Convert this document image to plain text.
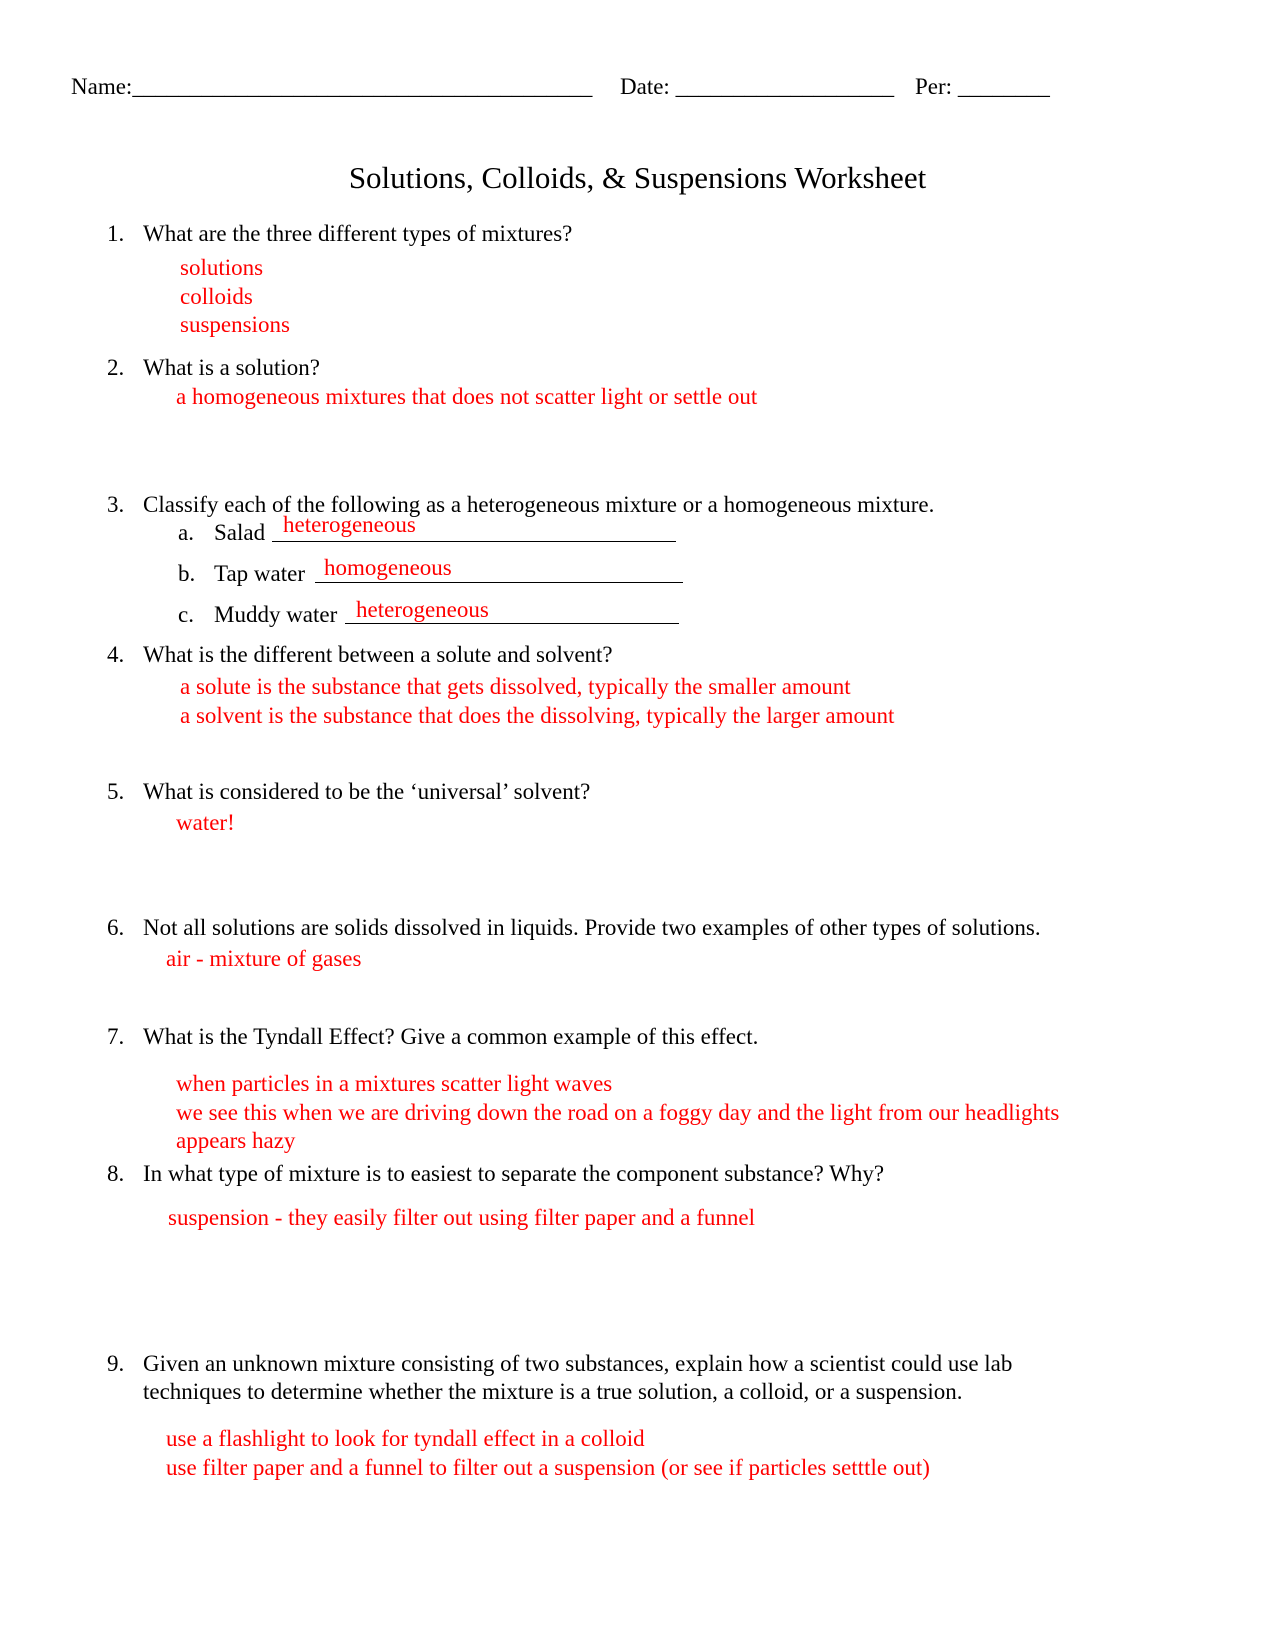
Name:________________________________________ Date: ___________________ Per: ________
Solutions, Colloids, & Suspensions Worksheet
1. What are the three different types of mixtures?
solutions
colloids
suspensions
2. What is a solution?
a homogeneous mixtures that does not scatter light or settle out
3. Classify each of the following as a heterogeneous mixture or a homogeneous mixture.
a. Salad heterogeneous
b. Tap water homogeneous
c. Muddy water heterogeneous
4. What is the different between a solute and solvent?
a solute is the substance that gets dissolved, typically the smaller amount
a solvent is the substance that does the dissolving, typically the larger amount
5. What is considered to be the ‘universal’ solvent?
water!
6. Not all solutions are solids dissolved in liquids. Provide two examples of other types of solutions.
air - mixture of gases
7. What is the Tyndall Effect? Give a common example of this effect.
when particles in a mixtures scatter light waves
we see this when we are driving down the road on a foggy day and the light from our headlights
appears hazy
8. In what type of mixture is to easiest to separate the component substance? Why?
suspension - they easily filter out using filter paper and a funnel
9. Given an unknown mixture consisting of two substances, explain how a scientist could use lab
techniques to determine whether the mixture is a true solution, a colloid, or a suspension.
use a flashlight to look for tyndall effect in a colloid
use filter paper and a funnel to filter out a suspension (or see if particles setttle out)
